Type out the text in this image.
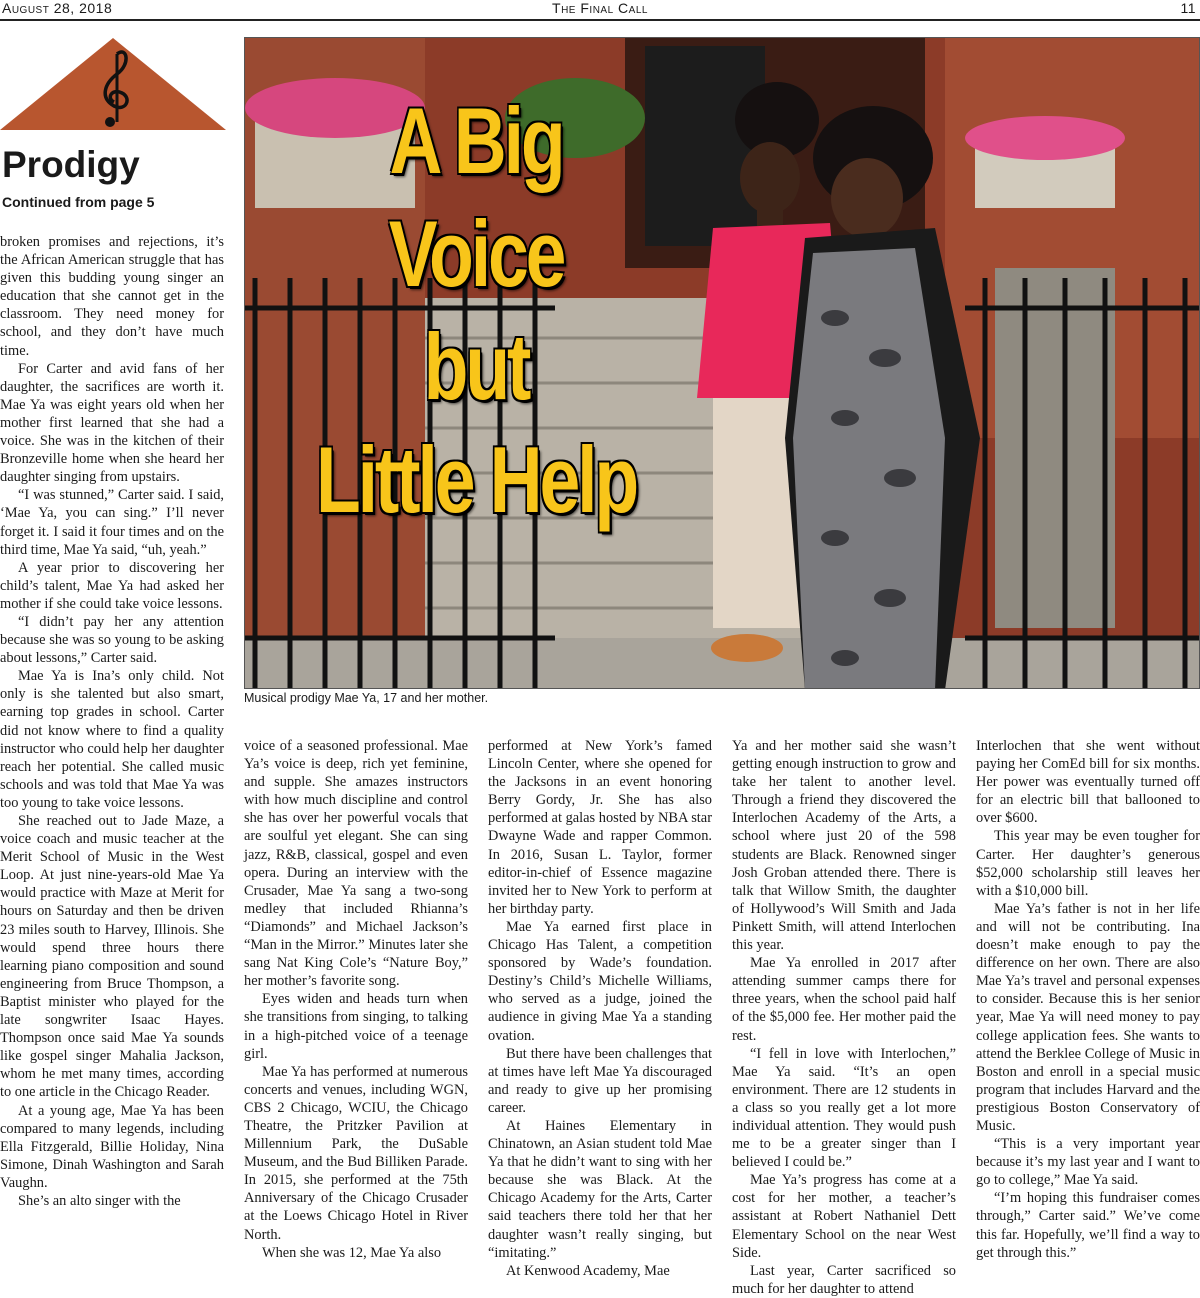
August 28, 2018	The Final Call	11
Prodigy
Continued from page 5

broken promises and rejections, it’s the African American struggle that has given this budding young singer an education that she cannot get in the classroom. They need money for school, and they don’t have much time.

For Carter and avid fans of her daughter, the sacrifices are worth it. Mae Ya was eight years old when her mother first learned that she had a voice. She was in the kitchen of their Bronzeville home when she heard her daughter singing from upstairs.

“I was stunned,” Carter said. I said, ‘Mae Ya, you can sing.” I’ll never forget it. I said it four times and on the third time, Mae Ya said, “uh, yeah.”

A year prior to discovering her child’s talent, Mae Ya had asked her mother if she could take voice lessons.

“I didn’t pay her any attention because she was so young to be asking about lessons,” Carter said.

Mae Ya is Ina’s only child. Not only is she talented but also smart, earning top grades in school. Carter did not know where to find a quality instructor who could help her daughter reach her potential. She called music schools and was told that Mae Ya was too young to take voice lessons.

She reached out to Jade Maze, a voice coach and music teacher at the Merit School of Music in the West Loop. At just nine-years-old Mae Ya would practice with Maze at Merit for hours on Saturday and then be driven 23 miles south to Harvey, Illinois. She would spend three hours there learning piano composition and sound engineering from Bruce Thompson, a Baptist minister who played for the late songwriter Isaac Hayes. Thompson once said Mae Ya sounds like gospel singer Mahalia Jackson, whom he met many times, according to one article in the Chicago Reader.

At a young age, Mae Ya has been compared to many legends, including Ella Fitzgerald, Billie Holiday, Nina Simone, Dinah Washington and Sarah Vaughn.

She’s an alto singer with the

A Big
Voice
but
Little Help
Musical prodigy Mae Ya, 17 and her mother.

voice of a seasoned professional. Mae Ya’s voice is deep, rich yet feminine, and supple. She amazes instructors with how much discipline and control she has over her powerful vocals that are soulful yet elegant. She can sing jazz, R&B, classical, gospel and even opera. During an interview with the Crusader, Mae Ya sang a two-song medley that included Rhianna’s “Diamonds” and Michael Jackson’s “Man in the Mirror.” Minutes later she sang Nat King Cole’s “Nature Boy,” her mother’s favorite song.

Eyes widen and heads turn when she transitions from singing, to talking in a high-pitched voice of a teenage girl.

Mae Ya has performed at numerous concerts and venues, including WGN, CBS 2 Chicago, WCIU, the Chicago Theatre, the Pritzker Pavilion at Millennium Park, the DuSable Museum, and the Bud Billiken Parade. In 2015, she performed at the 75th Anniversary of the Chicago Crusader at the Loews Chicago Hotel in River North.

When she was 12, Mae Ya also

performed at New York’s famed Lincoln Center, where she opened for the Jacksons in an event honoring Berry Gordy, Jr. She has also performed at galas hosted by NBA star Dwayne Wade and rapper Common. In 2016, Susan L. Taylor, former editor-in-chief of Essence magazine invited her to New York to perform at her birthday party.

Mae Ya earned first place in Chicago Has Talent, a competition sponsored by Wade’s foundation. Destiny’s Child’s Michelle Williams, who served as a judge, joined the audience in giving Mae Ya a standing ovation.

But there have been challenges that at times have left Mae Ya discouraged and ready to give up her promising career.

At Haines Elementary in Chinatown, an Asian student told Mae Ya that he didn’t want to sing with her because she was Black. At the Chicago Academy for the Arts, Carter said teachers there told her that her daughter wasn’t really singing, but “imitating.”

At Kenwood Academy, Mae

Ya and her mother said she wasn’t getting enough instruction to grow and take her talent to another level. Through a friend they discovered the Interlochen Academy of the Arts, a school where just 20 of the 598 students are Black. Renowned singer Josh Groban attended there. There is talk that Willow Smith, the daughter of Hollywood’s Will Smith and Jada Pinkett Smith, will attend Interlochen this year.

Mae Ya enrolled in 2017 after attending summer camps there for three years, when the school paid half of the $5,000 fee. Her mother paid the rest.

“I fell in love with Interlochen,” Mae Ya said. “It’s an open environment. There are 12 students in a class so you really get a lot more individual attention. They would push me to be a greater singer than I believed I could be.”

Mae Ya’s progress has come at a cost for her mother, a teacher’s assistant at Robert Nathaniel Dett Elementary School on the near West Side.

Last year, Carter sacrificed so much for her daughter to attend

Interlochen that she went without paying her ComEd bill for six months. Her power was eventually turned off for an electric bill that ballooned to over $600.

This year may be even tougher for Carter. Her daughter’s generous $52,000 scholarship still leaves her with a $10,000 bill.

Mae Ya’s father is not in her life and will not be contributing. Ina doesn’t make enough to pay the difference on her own. There are also Mae Ya’s travel and personal expenses to consider. Because this is her senior year, Mae Ya will need money to pay college application fees. She wants to attend the Berklee College of Music in Boston and enroll in a special music program that includes Harvard and the prestigious Boston Conservatory of Music.

“This is a very important year because it’s my last year and I want to go to college,” Mae Ya said.

“I’m hoping this fundraiser comes through,” Carter said.” We’ve come this far. Hopefully, we’ll find a way to get through this.”
